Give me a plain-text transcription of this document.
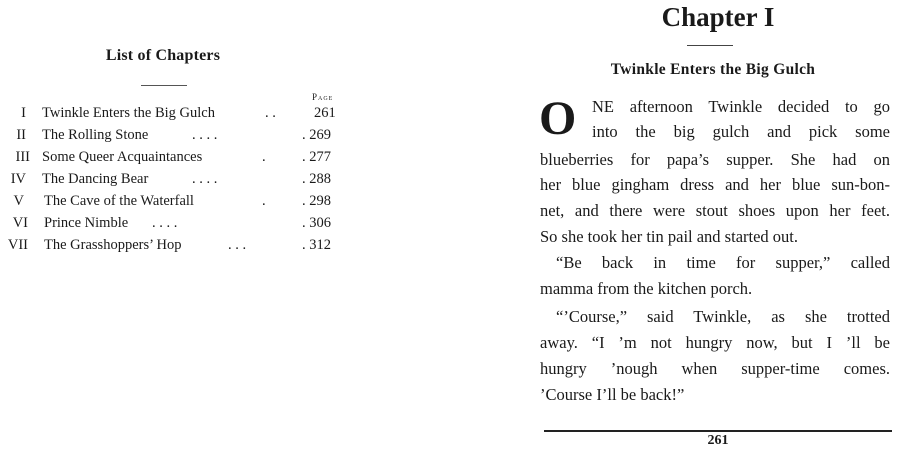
List of Chapters
Page
I Twinkle Enters the Big Gulch	. .	261
II The Rolling Stone	. . . .	. 269
III Some Queer Acquaintances	.	. 277
IV The Dancing Bear	. . . .	. 288
V The Cave of the Waterfall	.	. 298
VI Prince Nimble . . . .	. 306
VII The Grasshoppers’ Hop	. . .	. 312
Chapter I
Twinkle Enters the Big Gulch
O NE afternoon Twinkle decided to go
into the big gulch and pick some
blueberries for papa’s supper. She had on
her blue gingham dress and her blue sun-bon-
net, and there were stout shoes upon her feet.
So she took her tin pail and started out.
“Be back in time for supper,” called
mamma from the kitchen porch.
“’Course,” said Twinkle, as she trotted
away. “I ’m not hungry now, but I ’ll be
hungry ’nough when supper-time comes.
’Course I’ll be back!”
261
